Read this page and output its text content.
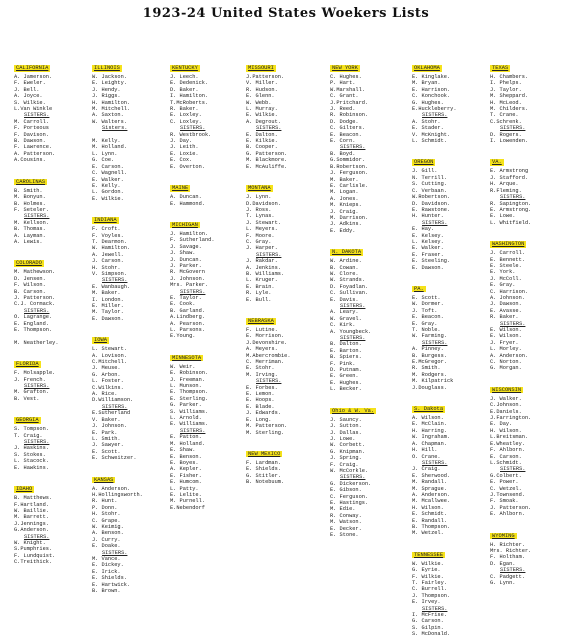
1923-24 United States Woekers Lists
CALIFORNIA
A. Jamerson.
F. Eweler.
J. Bell.
A. Joyce.
S. Wilkie.
L.Van Winkle
SISTERS.
M. Carroll.
F. Porteous
F. Davison.
B. Dawson.
F. Lawrence.
A. Patterson.
A.Cousins.
CAROLINAS
B. Smith.
M. Bonyun.
B. Holmes.
F. Seteler.
SISTERS.
M. Kellson.
B. Thomas.
A. Layman.
A. Lewis.
COLORADO
M. Mathewson.
D. Jensen.
F. Wilson.
B. Carson.
J. Patterson.
C.J. Cormack.
SISTERS.
O. Lagrange.
E. England.
E. Thompson.

M. Neatherley.
FLORIDA
F. Molsapple.
J. French.
SISTERS.
M. Grafton.
B. Vest.
GEORGIA
S. Tompson.
T. Craig.
SISTERS.
J. Haskins.
S. Stokes.
L. Stacock.
E. Hawkins.
IDAHO
B. Matthews.
F.Hartland.
W. Baillie.
M. Barrett.
J.Jennings.
G.Anderson.
SISTERS.
W. Knight.
S.Pumphries.
F. Lundquist.
C.Treithick.
ILLINOIS
W. Jackson.
E. Leighty.
J. Hendy.
J. Riggs.
H. Hamilton.
M. Mitchell.
A. Saxton.
W. Walters.
Sisters.

M. Kelly.
M. Holland.
L. Lynn.
G. Coe.
E. Carson.
C. Wagnell.
E. Walker.
E. Kelly.
L. Gordon.
E. Wilkie.
INDIANA
F. Croft.
F. Voyles.
T. Dearmon.
W. Hamilton.
A. Jewell.
J. Carson.
H. Stohr.
V. Simpson.
SISTERS.
E. Wanbaugh.
M. Baker.
I. London.
E. Miller.
M. Taylor.
E. Dawson.
IOWA
L. Stewart.
A. Lovison.
C.Mitchell.
J. Meuse.
G. Arbon.
L. Foster.
C.Wilkins.
A. Rice.
D.Williamson.
SISTERS.
E.Sutherland
V. Baker.
J. Johnson.
E. Park.
L. Smith.
J. Sawyer.
E. Scott.
E. Schweitzer.
KANSAS
A. Anderson.
H.Hollingsworth.
R. Hunt.
P. Donn.
H. Stohr.
C. Grape.
W. Keimig.
A. Benson.
J. Curry.
E. Doake.
SISTERS.
M. Vance.
E. Dickey.
E. Irick.
E. Shields.
E. Hartwick.
B. Brown.
KENTUCKY
J. Leech.
E. Dedenick.
D. Baker.
I. Hamilton.
T.McRoberts.
R. Baker.
E. Loxley.
C. Loxley.
SISTERS.
R. Westbrook.
J. Day.
J. Leith.
E. Loxie.
E. Cox.
E. Overton.
MAINE
A. Duncan.
E. Hammond.
MICHIGAN
J. Hamilton.
F. Sutherland.
J. Savage.
J. Shaw.
J. Duncan.
J. Parker.
R. McGovern
J. Johnson.
Mrs. Parker.
SISTERS.
E. Taylor.
E. Cook.
B. Garland.
A.Lindberg.
A. Pearson.
L. Parsons.
E.Young.
MINNESOTA
W. Weir.
E. Robinson.
J. Freeman.
L. Munson.
E. Thompson.
E. Sterling.
G. Parker.
S. Williams.
L. Arnold.
E. Williams.
SISTERS.
E. Patton.
M. Holland.
E. Shaw.
E. Benson.
E. Boyes.
A. Kepler.
E. Fisher.
E. Humcom.
L. Patty.
E. Lelite.
M. Purnell.
E.Nebendorf
MISSOURI
J.Patterson.
V. Miller.
R. Hudson.
E. Glenn.
W. Webb.
L. Murray.
E. Wilkie.
A. Degrout.
SISTERS.
E. Dalton.
E. Kilkie.
B. Cooper.
G. Patterson.
M. Blackmore.
E. McAuliffe.
MONTANA
J. Lynn.
D.Davidson.
J. Ross.
T. Lynas.
J. Stewart.
L. Meyers.
F. Moore.
C. Gray.
J. Harper.
SISTERS.
J. Rakdar.
A. Jenkins.
B. Williams.
L. Kruger.
E. Brain.
R. Lyle.
E. Bull.
NEBRASKA
F. Lutine.
E. Morrison.
J.Devonshire.
A. Meyers.
M.Abercrombie.
C. Merriman.
E. Stohr.
M. Irving.
SISTERS.
E. Forbes.
E. Lemon.
E. Hoops.
E. Blade.
J. Edwards.
E. Long.
M. Patterson.
M. Sterling.
NEW MEXICO
F. Lardman.
E. Shields.
G. Stitler.
B. Notebuum.
NEW YORK
C. Hughes.
P. Hart.
W.Marshall.
C. Grant.
J.Pritchard.
J. Reed.
R. Robinson.
D. Dodge.
C. Gilters.
E. Beacon.
E. Corn.
SISTERS.
B. Boyd.
G.Sommidor.
B.Robertson.
J. Ferguson.
M. Baker.
E. Carlisle.
M. Logan.
A. Jones.
M. Knieps.
J. Craig.
M. Darrison.
J. Adkins.
E. Eddy.
N. DAKOTA
W. Ardine.
B. Cowan.
W. Clore.
W. Strands.
D. Foyadlan.
C. Sullivan.
E. Davis.
SISTERS.
A. Leary.
W. Gravel.
C. Kirk.
A. Youngbeck.
SISTERS.
B. Dalton.
E. Barton.
B. Spiers.
F. Pink.
D. Putnam.
E. Green.
E. Hughes.
L. Becker.
Ohio & W. Va.
J. Sauncy.
J. Sutton.
J. Dallas.
J. Lowe.
W. Corbett.
G. Knipman.
J. Spring.
F. Craig.
W. McCorkle.
SISTERS.
G. Dickerson.
E. Gibson.
C. Ferguson.
E. Hastings.
M. Edie.
R. Conway.
M. Watson.
E. Decker.
E. Stone.
OKLAHOMA
E. Kinglake.
M. Bryan.
E. Harrison.
C. Konchook.
G. Hughes.
E.Huckleberry.
SISTERS.
A. Stohr.
E. Stader.
V. McKnight.
L. Schmidt.
OREGON
J. Gill.
N. Terrill.
S. Cutting.
C. Verbaan.
W.Robertson.
D. Davidson.
E. Rawstone.
H. Hunter.
SISTERS.
E. Hay.
E. Kelsey.
L. Kelsey.
E. Walker.
E. Fraser.
E. Steeling.
E. Dawson.
PA.
E. Scott.
W. Dormer.
J. Toft.
E. Beacon.
E. Gray.
T. Noble.
W. Farming.
SISTERS.
A. Pinney.
B. Burgess.
E.McGregor.
R. Smith.
M. Rodgers.
M. Kilpatrick
J.Douglass.
S. Dakota
A. Wilson.
E. McClain.
H. Harring.
W. Ingraham.
A. Chapman.
H. Hill.
O. Crane.
SISTERS.
J. Craig.
E. Sherwood.
M. Randall.
M. Sprague.
A. Anderson.
M. Mcallwee.
H. Wilson.
E. Schmidt.
E. Randall.
B. Thompson.
M. Wetzel.
TENNESSEE
W. Wilkie.
G. Eyrie.
F. Wilkie.
T. Fairley.
C. Burrell.
J. Thompson.
E. Irvey.
SISTERS.
I. McFrise.
G. Carson.
S. Gilpin.
S. McDonald.
TEXAS
H. Chambers.
I. Phelps.
J. Taylor.
M. Sheppard.
H. McLeod.
M. Childers.
T. Crane.
C.Schrenk.
SISTERS.
D. Rogers.
I. Lowenden.
VA.
E. Armstrong
J. Stafford.
H. Arque.
R.Fleming.
SISTERS.
R. Sapington.
E. Armstrong.
E. Lowe.
L. Whitfield.
WASHINGTON
J. Carroll.
E. Bennett.
E. Steele.
E. York.
J. McColl.
E. Gray.
C. Harrison.
A. Johnson.
J. Dawson.
E. Avasse.
R. Baker.
SISTERS.
E. Wilson.
E. Wilson.
J. Fryer.
L. Morley.
A. Anderson.
C. Norton.
G. Morgan.
WISCONSIN
J. Walker.
C.Johnson.
E.Daniels.
J.Farrington.
E. Day.
H. Wilson.
L.Breitsman.
E.Wheatley.
F. Ahlborn.
E. Carson.
L.Schmidt.
SISTERS.
G.Colbert.
E. Power.
C. Wetzel.
J.Townsend.
F. Smoak.
J. Patterson.
E. Ahlborn.
WYOMING
H. Richter.
Mrs. Richter.
F. Holtham.
D. Egan.
SISTERS.
C. Padgett.
G. Lynn.
